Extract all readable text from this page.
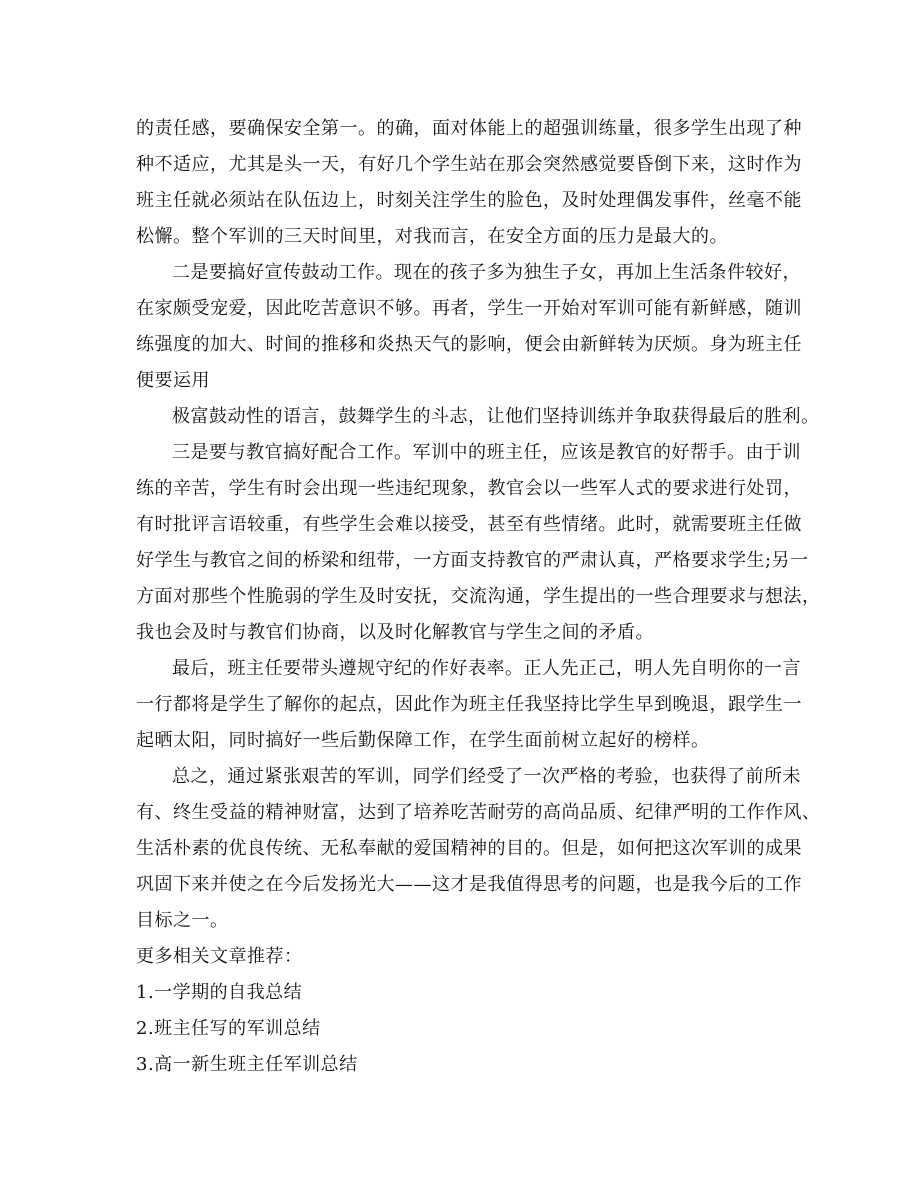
的责任感，要确保安全第一。的确，面对体能上的超强训练量，很多学生出现了种
种不适应，尤其是头一天，有好几个学生站在那会突然感觉要昏倒下来，这时作为
班主任就必须站在队伍边上，时刻关注学生的脸色，及时处理偶发事件，丝毫不能
松懈。整个军训的三天时间里，对我而言，在安全方面的压力是最大的。
二是要搞好宣传鼓动工作。现在的孩子多为独生子女，再加上生活条件较好，
在家颇受宠爱，因此吃苦意识不够。再者，学生一开始对军训可能有新鲜感，随训
练强度的加大、时间的推移和炎热天气的影响，便会由新鲜转为厌烦。身为班主任
便要运用
极富鼓动性的语言，鼓舞学生的斗志，让他们坚持训练并争取获得最后的胜利。
三是要与教官搞好配合工作。军训中的班主任，应该是教官的好帮手。由于训
练的辛苦，学生有时会出现一些违纪现象，教官会以一些军人式的要求进行处罚，
有时批评言语较重，有些学生会难以接受，甚至有些情绪。此时，就需要班主任做
好学生与教官之间的桥梁和纽带，一方面支持教官的严肃认真，严格要求学生;另一
方面对那些个性脆弱的学生及时安抚，交流沟通，学生提出的一些合理要求与想法，
我也会及时与教官们协商，以及时化解教官与学生之间的矛盾。
最后，班主任要带头遵规守纪的作好表率。正人先正己，明人先自明你的一言
一行都将是学生了解你的起点，因此作为班主任我坚持比学生早到晚退，跟学生一
起晒太阳，同时搞好一些后勤保障工作，在学生面前树立起好的榜样。
总之，通过紧张艰苦的军训，同学们经受了一次严格的考验，也获得了前所未
有、终生受益的精神财富，达到了培养吃苦耐劳的高尚品质、纪律严明的工作作风、
生活朴素的优良传统、无私奉献的爱国精神的目的。但是，如何把这次军训的成果
巩固下来并使之在今后发扬光大——这才是我值得思考的问题，也是我今后的工作
目标之一。
更多相关文章推荐：
1.一学期的自我总结
2.班主任写的军训总结
3.高一新生班主任军训总结
